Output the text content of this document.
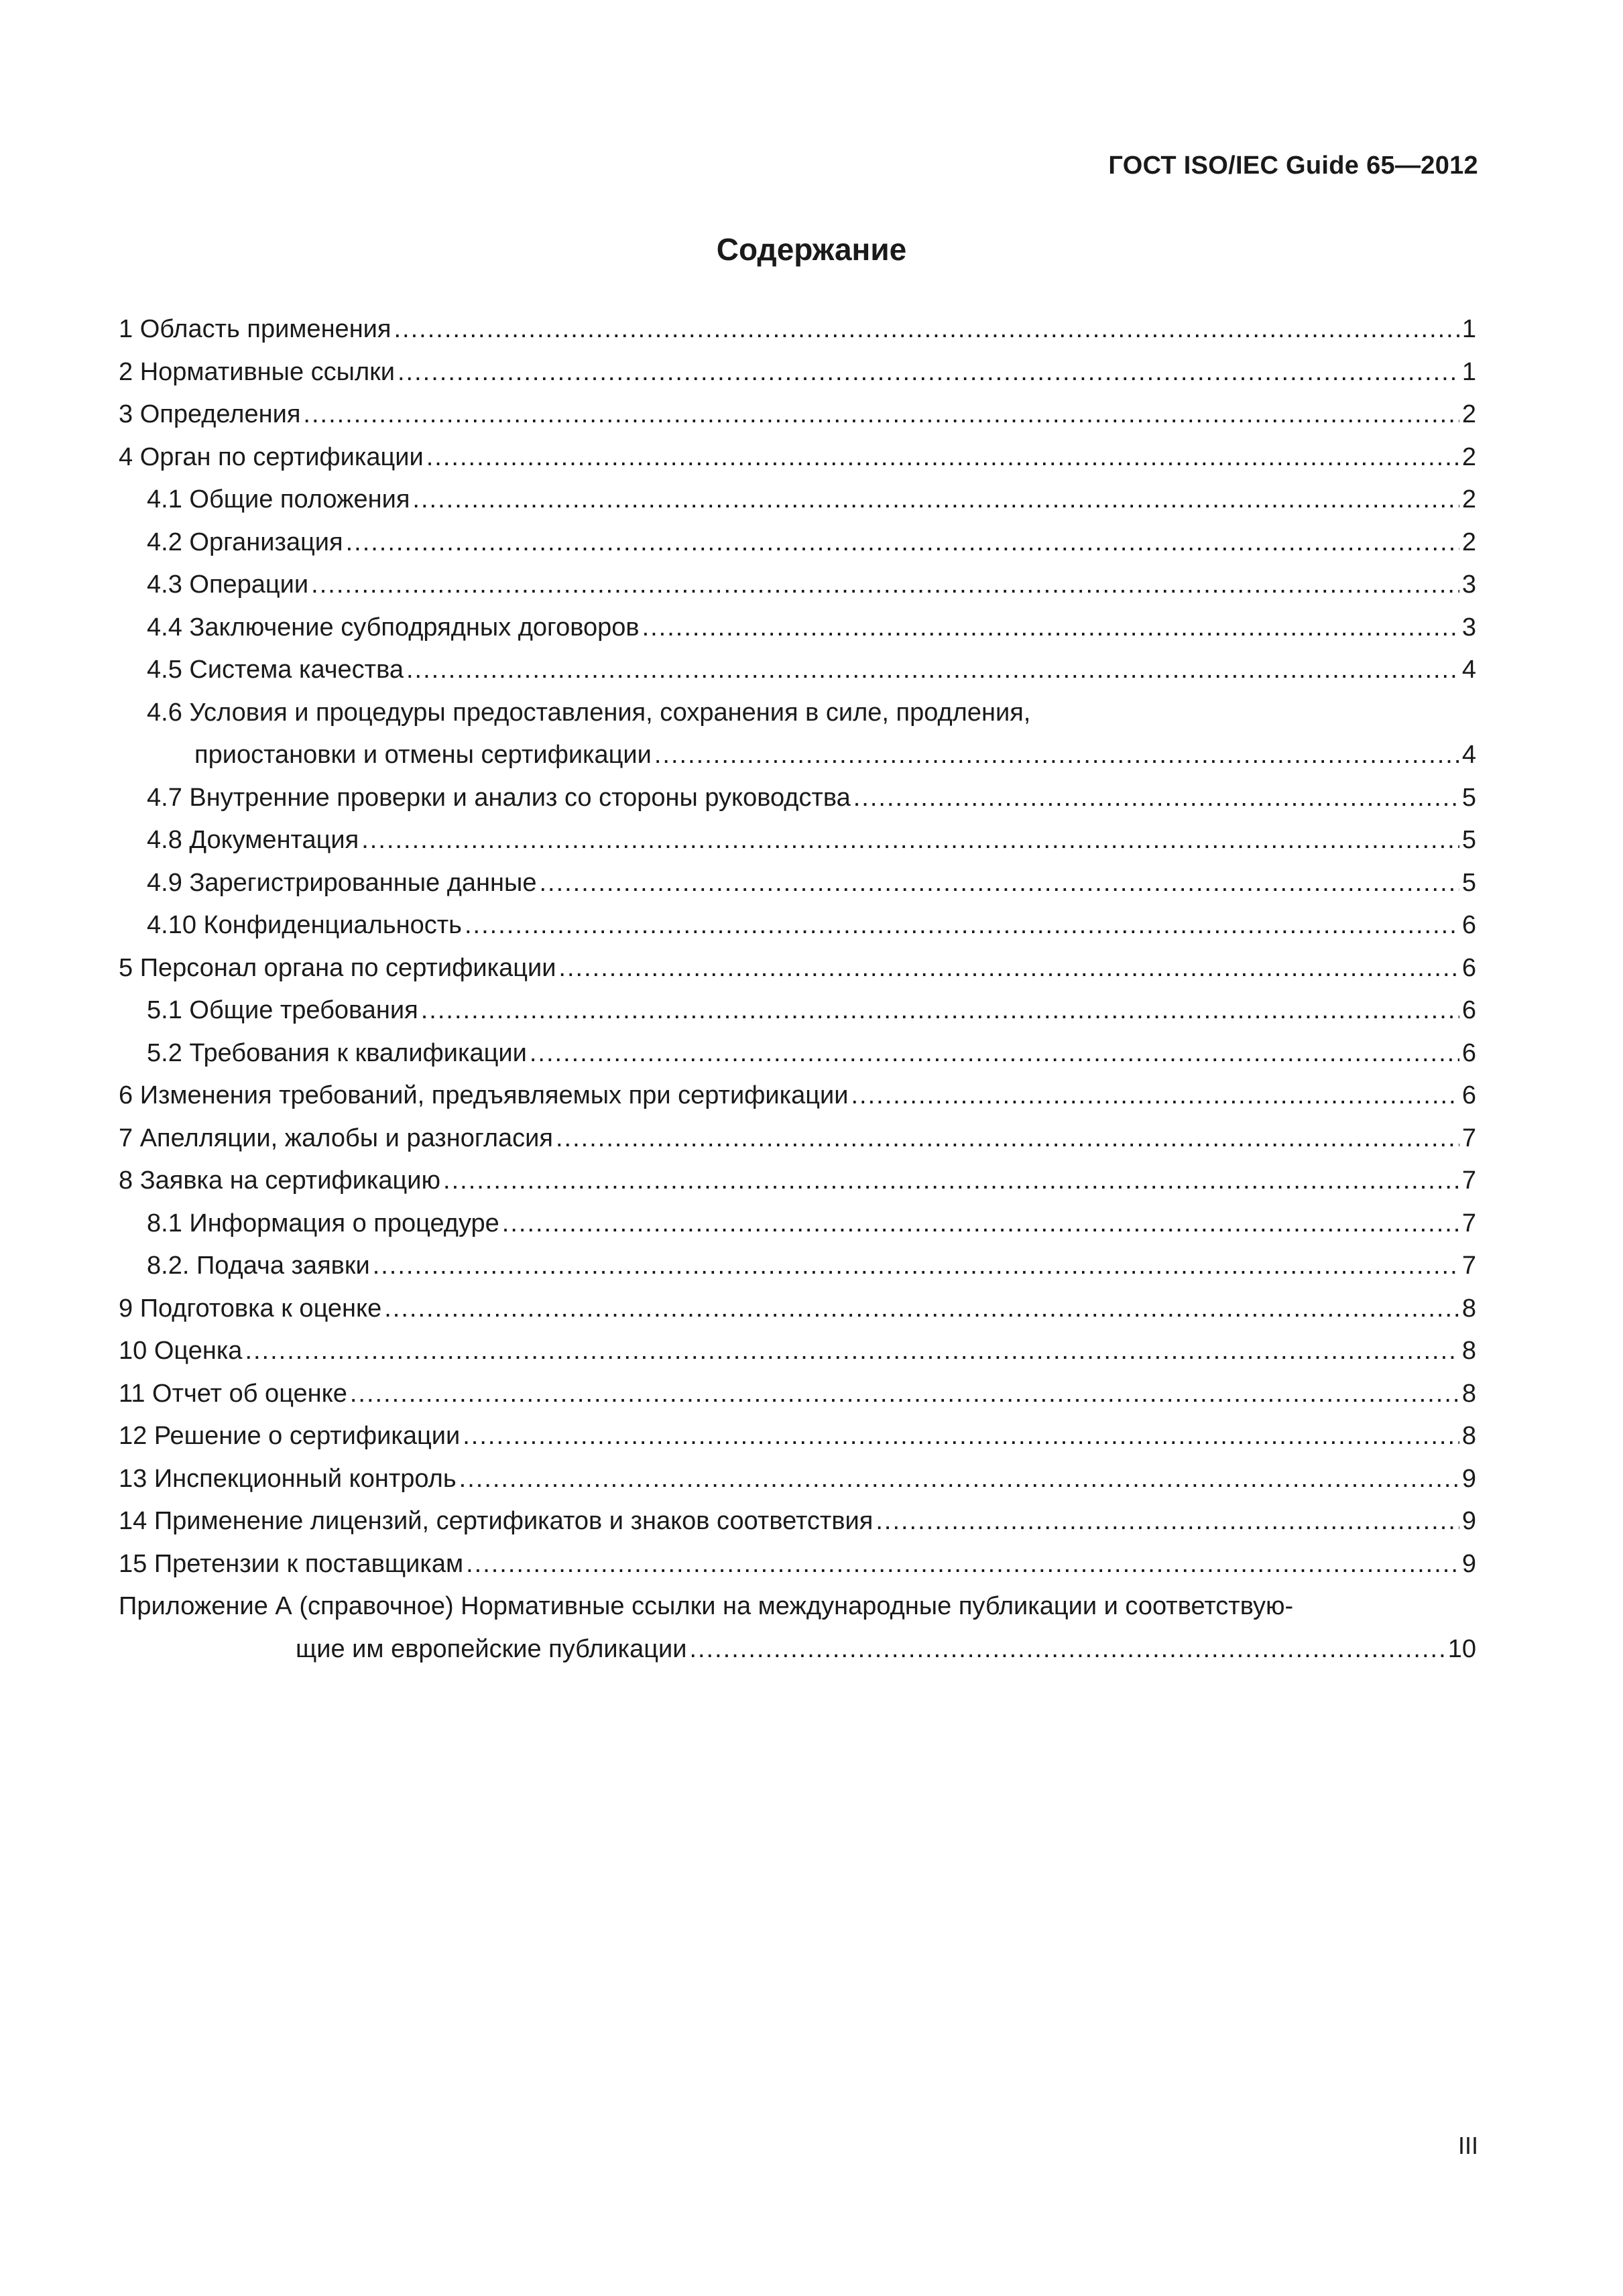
ГОСТ ISO/IEC Guide 65—2012
Содержание
1 Область применения .....	1
2 Нормативные ссылки .....	1
3 Определения .....	2
4 Орган по сертификации .....	2
4.1 Общие положения .....	2
4.2 Организация .....	2
4.3 Операции .....	3
4.4 Заключение субподрядных договоров .....	3
4.5 Система качества .....	4
4.6 Условия и процедуры предоставления, сохранения в силе, продления,
приостановки и отмены сертификации .....	4
4.7 Внутренние проверки и анализ со стороны руководства .....	5
4.8 Документация .....	5
4.9 Зарегистрированные данные .....	5
4.10 Конфиденциальность .....	6
5 Персонал органа по сертификации .....	6
5.1 Общие требования .....	6
5.2 Требования к квалификации .....	6
6 Изменения требований, предъявляемых при сертификации .....	6
7 Апелляции, жалобы и разногласия .....	7
8 Заявка на сертификацию .....	7
8.1 Информация о процедуре .....	7
8.2. Подача заявки .....	7
9 Подготовка к оценке .....	8
10 Оценка .....	8
11 Отчет об оценке .....	8
12 Решение о сертификации .....	8
13 Инспекционный контроль .....	9
14 Применение лицензий, сертификатов и знаков соответствия .....	9
15 Претензии к поставщикам .....	9
Приложение А (справочное) Нормативные ссылки на международные публикации и соответствую-
щие им европейские публикации .....	10
III
